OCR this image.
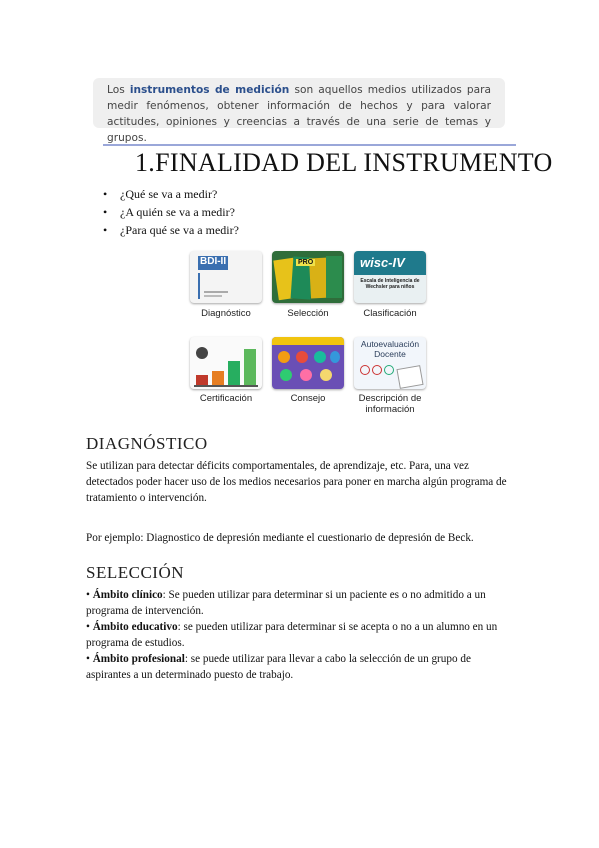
Los instrumentos de medición son aquellos medios utilizados para medir fenómenos, obtener información de hechos y para valorar actitudes, opiniones y creencias a través de una serie de temas y grupos.
1.FINALIDAD DEL INSTRUMENTO
• ¿Qué se va a medir?
• ¿A quién se va a medir?
• ¿Para qué se va a medir?
BDI-II
Diagnóstico
PRO
Selección
wisc-IV
Escala de Inteligencia de Wechsler para niños
Clasificación
Certificación	Consejo
Autoevaluación Docente
Descripción de información
DIAGNÓSTICO
Se utilizan para detectar déficits comportamentales, de aprendizaje, etc. Para, una vez detectados poder hacer uso de los medios necesarios para poner en marcha algún programa de tratamiento o intervención.
Por ejemplo: Diagnostico de depresión mediante el cuestionario de depresión de Beck.
SELECCIÓN
• Ámbito clínico: Se pueden utilizar para determinar si un paciente es o no admitido a un programa de intervención.
• Ámbito educativo: se pueden utilizar para determinar si se acepta o no a un alumno en un programa de estudios.
• Ámbito profesional: se puede utilizar para llevar a cabo la selección de un grupo de aspirantes a un determinado puesto de trabajo.
